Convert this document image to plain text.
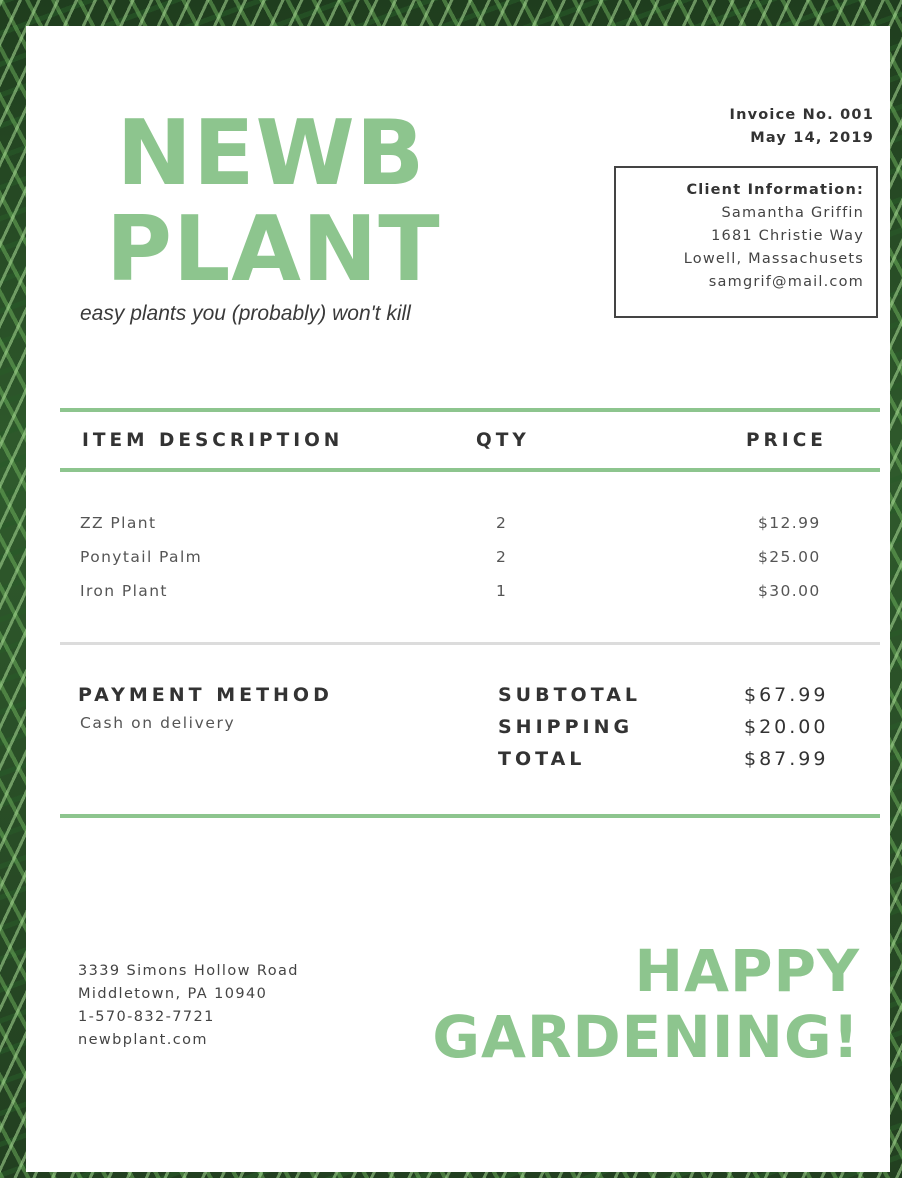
NEWB
PLANT
easy plants you (probably) won't kill
Invoice No. 001
May 14, 2019
Client Information:
Samantha Griffin
1681 Christie Way
Lowell, Massachusets
samgrif@mail.com
ITEM DESCRIPTION	QTY	PRICE
ZZ Plant	2	$12.99
Ponytail Palm	2	$25.00
Iron Plant	1	$30.00
PAYMENT METHOD
Cash on delivery
SUBTOTAL	$67.99
SHIPPING	$20.00
TOTAL	$87.99
3339 Simons Hollow Road
Middletown, PA 10940
1-570-832-7721
newbplant.com
HAPPY
GARDENING!
